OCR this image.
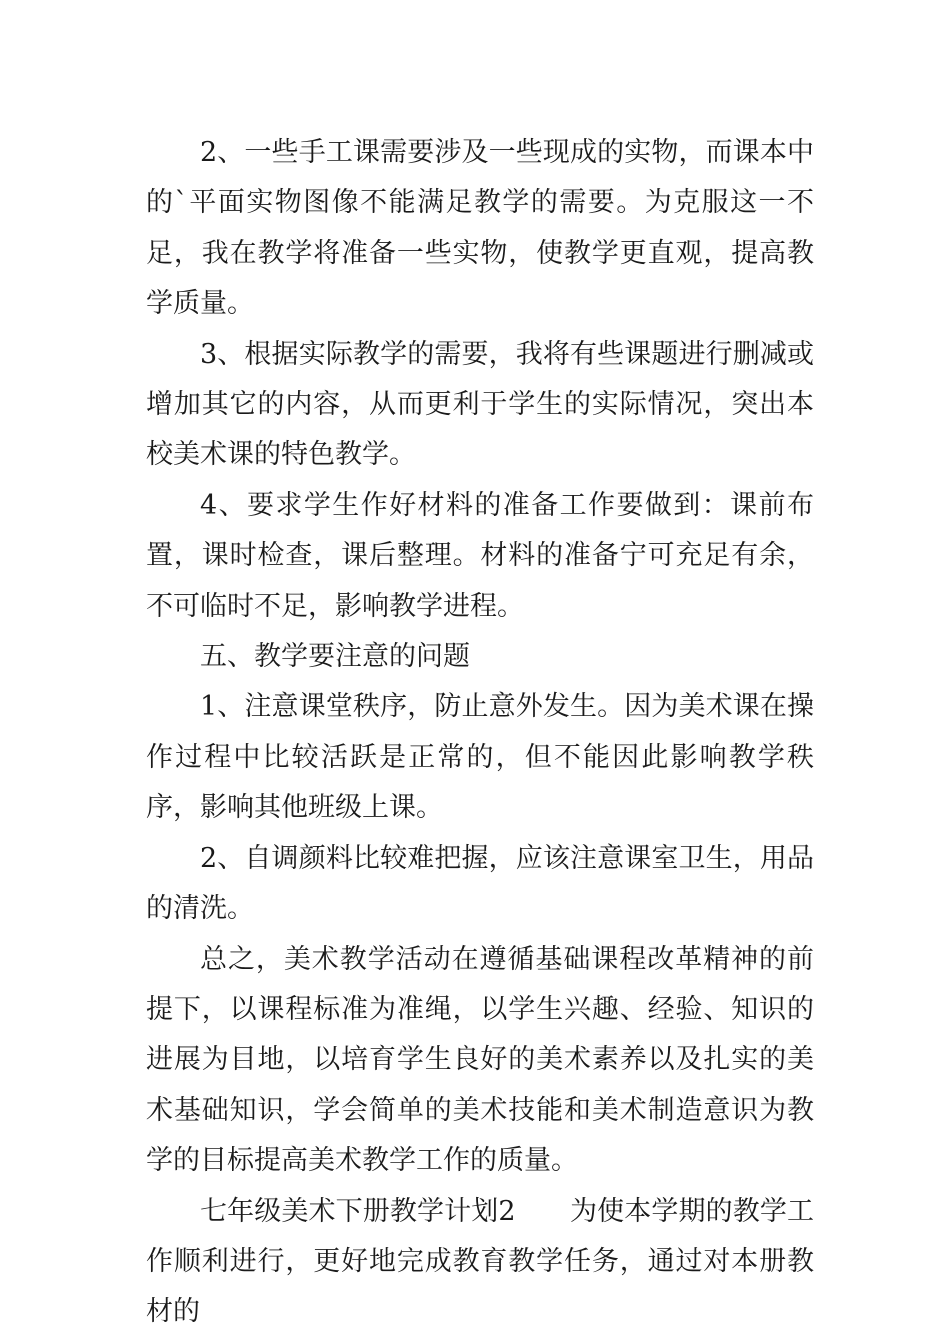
2、一些手工课需要涉及一些现成的实物，而课本中的`平面实物图像不能满足教学的需要。为克服这一不足，我在教学将准备一些实物，使教学更直观，提高教学质量。

3、根据实际教学的需要，我将有些课题进行删减或增加其它的内容，从而更利于学生的实际情况，突出本校美术课的特色教学。

4、要求学生作好材料的准备工作要做到：课前布置，课时检查，课后整理。材料的准备宁可充足有余，不可临时不足，影响教学进程。

五、教学要注意的问题

1、注意课堂秩序，防止意外发生。因为美术课在操作过程中比较活跃是正常的，但不能因此影响教学秩序，影响其他班级上课。

2、自调颜料比较难把握，应该注意课室卫生，用品的清洗。

总之，美术教学活动在遵循基础课程改革精神的前提下，以课程标准为准绳，以学生兴趣、经验、知识的进展为目地，以培育学生良好的美术素养以及扎实的美术基础知识，学会简单的美术技能和美术制造意识为教学的目标提高美术教学工作的质量。

七年级美术下册教学计划2　　为使本学期的教学工作顺利进行，更好地完成教育教学任务，通过对本册教材的
